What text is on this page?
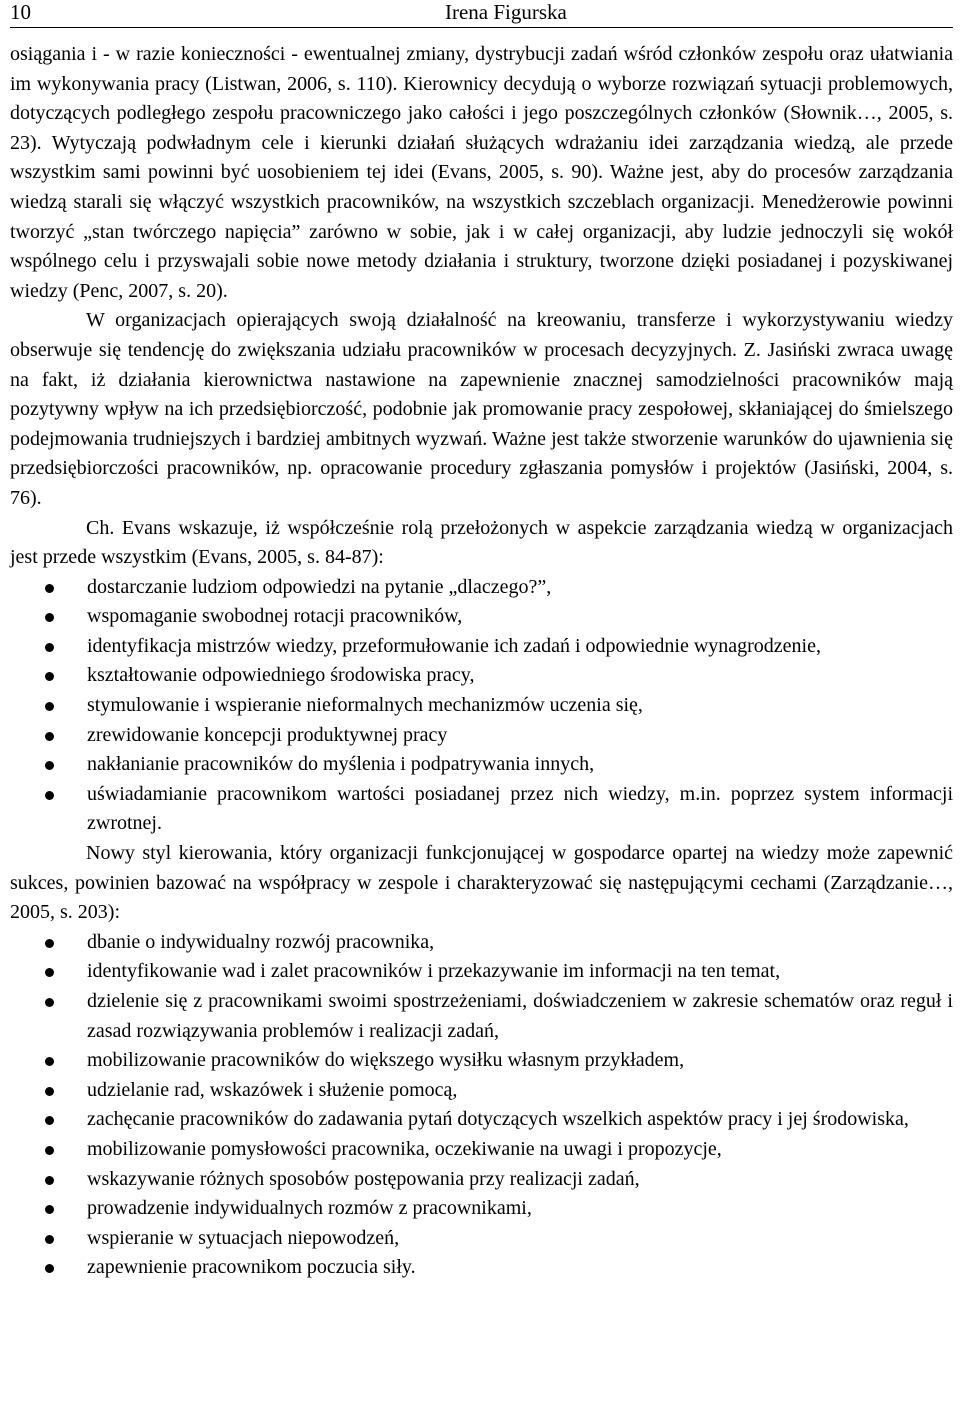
10	Irena Figurska

osiągania i - w razie konieczności - ewentualnej zmiany, dystrybucji zadań wśród członków zespołu oraz ułatwiania im wykonywania pracy (Listwan, 2006, s. 110). Kierownicy decydują o wyborze rozwiązań sytuacji problemowych, dotyczących podległego zespołu pracowniczego jako całości i jego poszczególnych członków (Słownik…, 2005, s. 23). Wytyczają podwładnym cele i kierunki działań służących wdrażaniu idei zarządzania wiedzą, ale przede wszystkim sami powinni być uosobieniem tej idei (Evans, 2005, s. 90). Ważne jest, aby do procesów zarządzania wiedzą starali się włączyć wszystkich pracowników, na wszystkich szczeblach organizacji. Menedżerowie powinni tworzyć „stan twórczego napięcia” zarówno w sobie, jak i w całej organizacji, aby ludzie jednoczyli się wokół wspólnego celu i przyswajali sobie nowe metody działania i struktury, tworzone dzięki posiadanej i pozyskiwanej wiedzy (Penc, 2007, s. 20).

W organizacjach opierających swoją działalność na kreowaniu, transferze i wykorzystywaniu wiedzy obserwuje się tendencję do zwiększania udziału pracowników w procesach decyzyjnych. Z. Jasiński zwraca uwagę na fakt, iż działania kierownictwa nastawione na zapewnienie znacznej samodzielności pracowników mają pozytywny wpływ na ich przedsiębiorczość, podobnie jak promowanie pracy zespołowej, skłaniającej do śmielszego podejmowania trudniejszych i bardziej ambitnych wyzwań. Ważne jest także stworzenie warunków do ujawnienia się przedsiębiorczości pracowników, np. opracowanie procedury zgłaszania pomysłów i projektów (Jasiński, 2004, s. 76).

Ch. Evans wskazuje, iż współcześnie rolą przełożonych w aspekcie zarządzania wiedzą w organizacjach jest przede wszystkim (Evans, 2005, s. 84-87):

dostarczanie ludziom odpowiedzi na pytanie „dlaczego?”,
wspomaganie swobodnej rotacji pracowników,
identyfikacja mistrzów wiedzy, przeformułowanie ich zadań i odpowiednie wynagrodzenie,
kształtowanie odpowiedniego środowiska pracy,
stymulowanie i wspieranie nieformalnych mechanizmów uczenia się,
zrewidowanie koncepcji produktywnej pracy
nakłanianie pracowników do myślenia i podpatrywania innych,
uświadamianie pracownikom wartości posiadanej przez nich wiedzy, m.in. poprzez system informacji zwrotnej.

Nowy styl kierowania, który organizacji funkcjonującej w gospodarce opartej na wiedzy może zapewnić sukces, powinien bazować na współpracy w zespole i charakteryzować się następującymi cechami (Zarządzanie…, 2005, s. 203):

dbanie o indywidualny rozwój pracownika,
identyfikowanie wad i zalet pracowników i przekazywanie im informacji na ten temat,
dzielenie się z pracownikami swoimi spostrzeżeniami, doświadczeniem w zakresie schematów oraz reguł i zasad rozwiązywania problemów i realizacji zadań,
mobilizowanie pracowników do większego wysiłku własnym przykładem,
udzielanie rad, wskazówek i służenie pomocą,
zachęcanie pracowników do zadawania pytań dotyczących wszelkich aspektów pracy i jej środowiska,
mobilizowanie pomysłowości pracownika, oczekiwanie na uwagi i propozycje,
wskazywanie różnych sposobów postępowania przy realizacji zadań,
prowadzenie indywidualnych rozmów z pracownikami,
wspieranie w sytuacjach niepowodzeń,
zapewnienie pracownikom poczucia siły.
